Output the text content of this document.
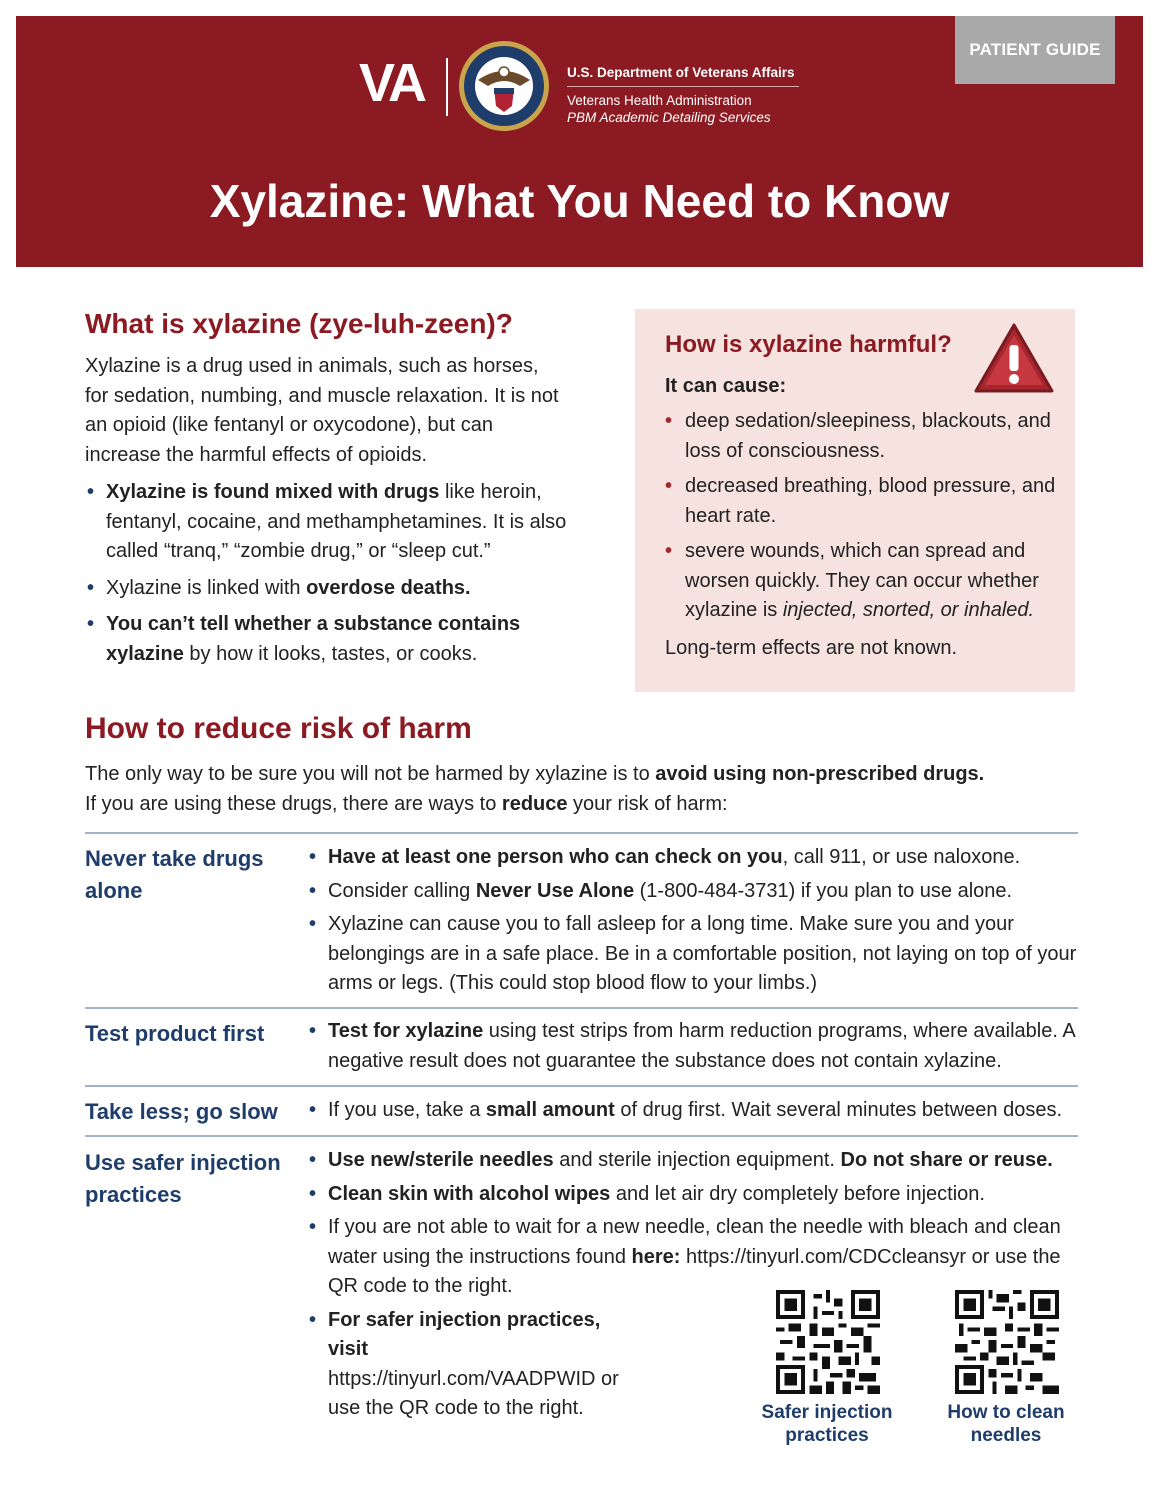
PATIENT GUIDE
VA	U.S. Department of Veterans Affairs
Veterans Health Administration
PBM Academic Detailing Services
Xylazine: What You Need to Know
What is xylazine (zye-luh-zeen)?

Xylazine is a drug used in animals, such as horses, for sedation, numbing, and muscle relaxation. It is not an opioid (like fentanyl or oxycodone), but can increase the harmful effects of opioids.

• Xylazine is found mixed with drugs like heroin, fentanyl, cocaine, and methamphetamines. It is also called “tranq,” “zombie drug,” or “sleep cut.”
• Xylazine is linked with overdose deaths.
• You can’t tell whether a substance contains xylazine by how it looks, tastes, or cooks.
How is xylazine harmful?
It can cause:
• deep sedation/sleepiness, blackouts, and loss of consciousness.
• decreased breathing, blood pressure, and heart rate.
• severe wounds, which can spread and worsen quickly. They can occur whether xylazine is injected, snorted, or inhaled.
Long-term effects are not known.
How to reduce risk of harm
The only way to be sure you will not be harmed by xylazine is to avoid using non-prescribed drugs.
If you are using these drugs, there are ways to reduce your risk of harm:
Never take drugs alone
• Have at least one person who can check on you, call 911, or use naloxone.
• Consider calling Never Use Alone (1-800-484-3731) if you plan to use alone.
• Xylazine can cause you to fall asleep for a long time. Make sure you and your belongings are in a safe place. Be in a comfortable position, not laying on top of your arms or legs. (This could stop blood flow to your limbs.)
Test product first	• Test for xylazine using test strips from harm reduction programs, where available. A negative result does not guarantee the substance does not contain xylazine.
Take less; go slow	• If you use, take a small amount of drug first. Wait several minutes between doses.
Use safer injection practices
• Use new/sterile needles and sterile injection equipment. Do not share or reuse.
• Clean skin with alcohol wipes and let air dry completely before injection.
• If you are not able to wait for a new needle, clean the needle with bleach and clean water using the instructions found here: https://tinyurl.com/CDCcleansyr or use the QR code to the right.
• For safer injection practices, visit https://tinyurl.com/VAADPWID or use the QR code to the right.	Safer injection practices
How to clean needles
